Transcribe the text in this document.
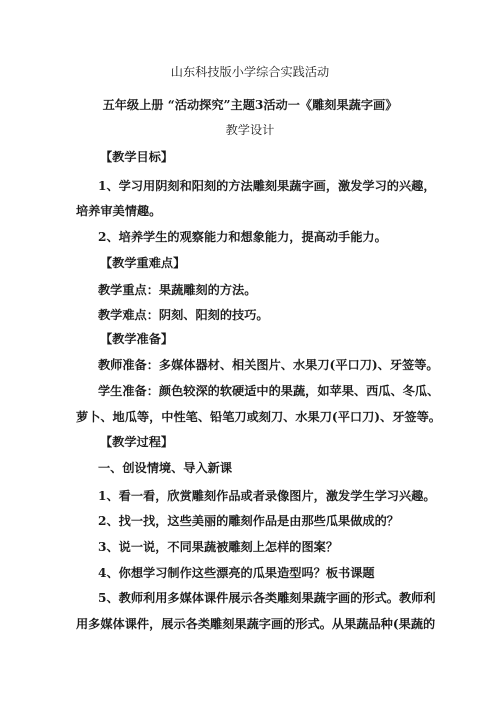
山东科技版小学综合实践活动
五年级上册 “活动探究”主题3活动一《雕刻果蔬字画》
教学设计
【教学目标】
1、学习用阴刻和阳刻的方法雕刻果蔬字画，激发学习的兴趣，
培养审美情趣。
2、培养学生的观察能力和想象能力，提高动手能力。
【教学重难点】
教学重点：果蔬雕刻的方法。
教学难点：阴刻、阳刻的技巧。
【教学准备】
教师准备：多媒体器材、相关图片、水果刀(平口刀)、牙签等。
学生准备：颜色较深的软硬适中的果蔬，如苹果、西瓜、冬瓜、
萝卜、地瓜等，中性笔、铅笔刀或刻刀、水果刀(平口刀)、牙签等。
【教学过程】
一、创设情境、导入新课
1、看一看，欣赏雕刻作品或者录像图片，激发学生学习兴趣。
2、找一找，这些美丽的雕刻作品是由那些瓜果做成的？
3、说一说，不同果蔬被雕刻上怎样的图案？
4、你想学习制作这些漂亮的瓜果造型吗？板书课题
5、教师利用多媒体课件展示各类雕刻果蔬字画的形式。教师利
用多媒体课件，展示各类雕刻果蔬字画的形式。从果蔬品种(果蔬的
